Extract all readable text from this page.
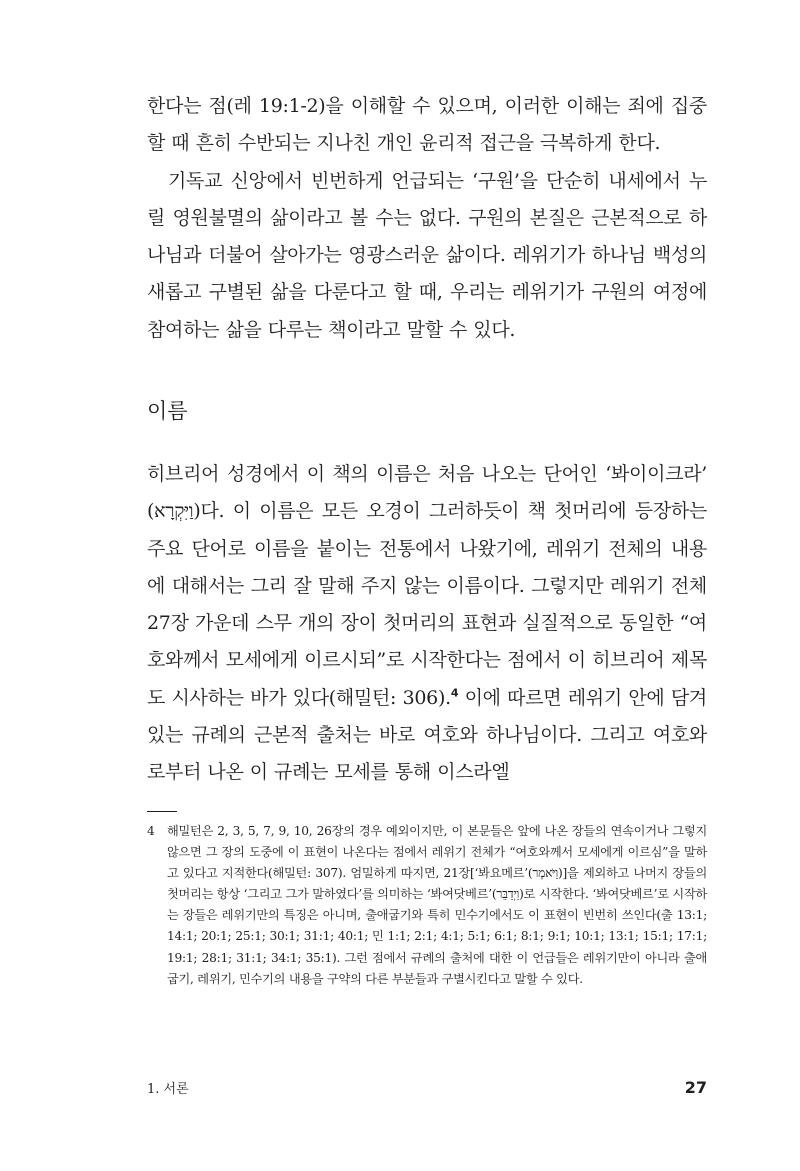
한다는 점(레 19:1-2)을 이해할 수 있으며, 이러한 이해는 죄에 집중할 때 흔히 수반되는 지나친 개인 윤리적 접근을 극복하게 한다.

기독교 신앙에서 빈번하게 언급되는 ‘구원’을 단순히 내세에서 누릴 영원불멸의 삶이라고 볼 수는 없다. 구원의 본질은 근본적으로 하나님과 더불어 살아가는 영광스러운 삶이다. 레위기가 하나님 백성의 새롭고 구별된 삶을 다룬다고 할 때, 우리는 레위기가 구원의 여정에 참여하는 삶을 다루는 책이라고 말할 수 있다.

이름

히브리어 성경에서 이 책의 이름은 처음 나오는 단어인 ‘봐이이크라’ (וַיִּקְרָא)다. 이 이름은 모든 오경이 그러하듯이 책 첫머리에 등장하는 주요 단어로 이름을 붙이는 전통에서 나왔기에, 레위기 전체의 내용에 대해서는 그리 잘 말해 주지 않는 이름이다. 그렇지만 레위기 전체 27장 가운데 스무 개의 장이 첫머리의 표현과 실질적으로 동일한 “여호와께서 모세에게 이르시되”로 시작한다는 점에서 이 히브리어 제목도 시사하는 바가 있다(해밀턴: 306).$^4$ 이에 따르면 레위기 안에 담겨 있는 규례의 근본적 출처는 바로 여호와 하나님이다. 그리고 여호와로부터 나온 이 규례는 모세를 통해 이스라엘

4	해밀턴은 2, 3, 5, 7, 9, 10, 26장의 경우 예외이지만, 이 본문들은 앞에 나온 장들의 연속이거나 그렇지 않으면 그 장의 도중에 이 표현이 나온다는 점에서 레위기 전체가 “여호와께서 모세에게 이르심”을 말하고 있다고 지적한다(해밀턴: 307). 엄밀하게 따지면, 21장[‘봐요메르’(וַיֹּאמֶר)]을 제외하고 나머지 장들의 첫머리는 항상 ‘그리고 그가 말하였다’를 의미하는 ‘봐여닷베르’(וַיְדַבֵּר)로 시작한다. ‘봐여닷베르’로 시작하는 장들은 레위기만의 특징은 아니며, 출애굽기와 특히 민수기에서도 이 표현이 빈번히 쓰인다(출 13:1; 14:1; 20:1; 25:1; 30:1; 31:1; 40:1; 민 1:1; 2:1; 4:1; 5:1; 6:1; 8:1; 9:1; 10:1; 13:1; 15:1; 17:1; 19:1; 28:1; 31:1; 34:1; 35:1). 그런 점에서 규례의 출처에 대한 이 언급들은 레위기만이 아니라 출애굽기, 레위기, 민수기의 내용을 구약의 다른 부분들과 구별시킨다고 말할 수 있다.
1. 서론	27
